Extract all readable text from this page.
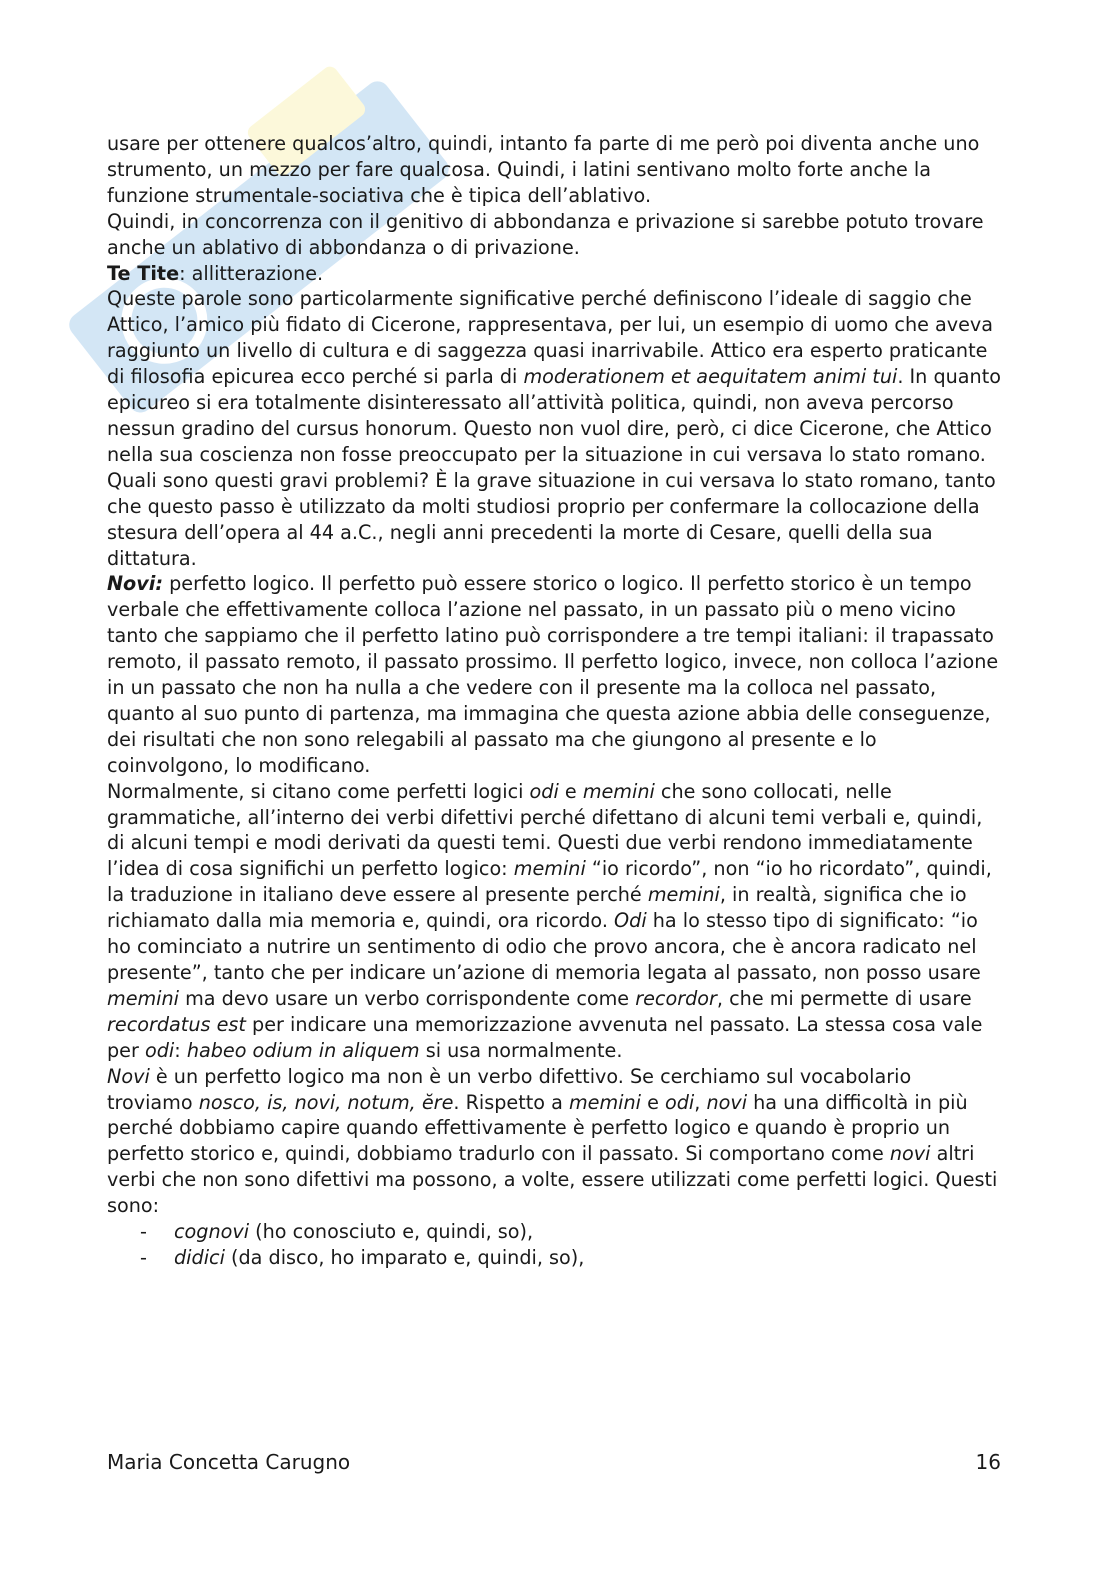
usare per ottenere qualcos’altro, quindi, intanto fa parte di me però poi diventa anche uno strumento, un mezzo per fare qualcosa. Quindi, i latini sentivano molto forte anche la funzione strumentale-sociativa che è tipica dell’ablativo.

Quindi, in concorrenza con il genitivo di abbondanza e privazione si sarebbe potuto trovare anche un ablativo di abbondanza o di privazione.

Te Tite: allitterazione.

Queste parole sono particolarmente significative perché definiscono l’ideale di saggio che Attico, l’amico più fidato di Cicerone, rappresentava, per lui, un esempio di uomo che aveva raggiunto un livello di cultura e di saggezza quasi inarrivabile. Attico era esperto praticante di filosofia epicurea ecco perché si parla di moderationem et aequitatem animi tui. In quanto epicureo si era totalmente disinteressato all’attività politica, quindi, non aveva percorso nessun gradino del cursus honorum. Questo non vuol dire, però, ci dice Cicerone, che Attico nella sua coscienza non fosse preoccupato per la situazione in cui versava lo stato romano. Quali sono questi gravi problemi? È la grave situazione in cui versava lo stato romano, tanto che questo passo è utilizzato da molti studiosi proprio per confermare la collocazione della stesura dell’opera al 44 a.C., negli anni precedenti la morte di Cesare, quelli della sua dittatura.

Novi: perfetto logico. Il perfetto può essere storico o logico. Il perfetto storico è un tempo verbale che effettivamente colloca l’azione nel passato, in un passato più o meno vicino tanto che sappiamo che il perfetto latino può corrispondere a tre tempi italiani: il trapassato remoto, il passato remoto, il passato prossimo. Il perfetto logico, invece, non colloca l’azione in un passato che non ha nulla a che vedere con il presente ma la colloca nel passato, quanto al suo punto di partenza, ma immagina che questa azione abbia delle conseguenze, dei risultati che non sono relegabili al passato ma che giungono al presente e lo coinvolgono, lo modificano.

Normalmente, si citano come perfetti logici odi e memini che sono collocati, nelle grammatiche, all’interno dei verbi difettivi perché difettano di alcuni temi verbali e, quindi, di alcuni tempi e modi derivati da questi temi. Questi due verbi rendono immediatamente l’idea di cosa significhi un perfetto logico: memini “io ricordo”, non “io ho ricordato”, quindi, la traduzione in italiano deve essere al presente perché memini, in realtà, significa che io richiamato dalla mia memoria e, quindi, ora ricordo. Odi ha lo stesso tipo di significato: “io ho cominciato a nutrire un sentimento di odio che provo ancora, che è ancora radicato nel presente”, tanto che per indicare un’azione di memoria legata al passato, non posso usare memini ma devo usare un verbo corrispondente come recordor, che mi permette di usare recordatus est per indicare una memorizzazione avvenuta nel passato. La stessa cosa vale per odi: habeo odium in aliquem si usa normalmente.

Novi è un perfetto logico ma non è un verbo difettivo. Se cerchiamo sul vocabolario troviamo nosco, is, novi, notum, ĕre. Rispetto a memini e odi, novi ha una difficoltà in più perché dobbiamo capire quando effettivamente è perfetto logico e quando è proprio un perfetto storico e, quindi, dobbiamo tradurlo con il passato. Si comportano come novi altri verbi che non sono difettivi ma possono, a volte, essere utilizzati come perfetti logici. Questi sono:

- cognovi (ho conosciuto e, quindi, so),
- didici (da disco, ho imparato e, quindi, so),
Maria Concetta Carugno	16
